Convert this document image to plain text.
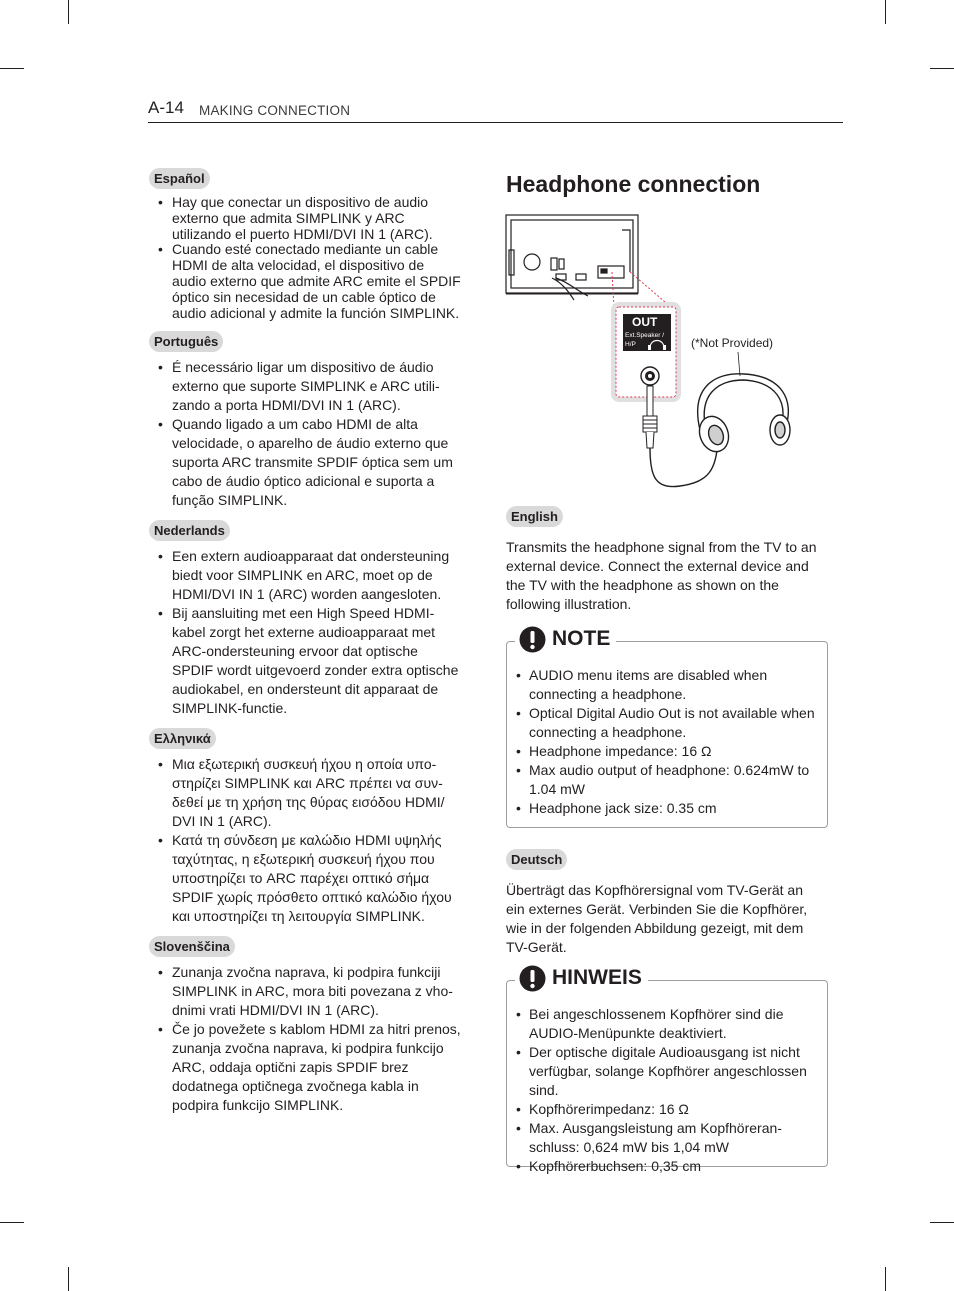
A-14 MAKING CONNECTION
Español
• Hay que conectar un dispositivo de audio externo que admita SIMPLINK y ARC utilizando el puerto HDMI/DVI IN 1 (ARC).
• Cuando esté conectado mediante un cable HDMI de alta velocidad, el dispositivo de audio externo que admite ARC emite el SPDIF óptico sin necesidad de un cable óptico de audio adicional y admite la función SIMPLINK.
Português
• É necessário ligar um dispositivo de áudio externo que suporte SIMPLINK e ARC utili-zando a porta HDMI/DVI IN 1 (ARC).
• Quando ligado a um cabo HDMI de alta velocidade, o aparelho de áudio externo que suporta ARC transmite SPDIF óptica sem um cabo de áudio óptico adicional e suporta a função SIMPLINK.
Nederlands
• Een extern audioapparaat dat ondersteuning biedt voor SIMPLINK en ARC, moet op de HDMI/DVI IN 1 (ARC) worden aangesloten.
• Bij aansluiting met een High Speed HDMI-kabel zorgt het externe audioapparaat met ARC-ondersteuning ervoor dat optische SPDIF wordt uitgevoerd zonder extra optische audiokabel, en ondersteunt dit apparaat de SIMPLINK-functie.
Ελληνικά
• Μια εξωτερική συσκευή ήχου η οποία υπο-στηρίζει SIMPLINK και ARC πρέπει να συν-δεθεί με τη χρήση της θύρας εισόδου HDMI/ DVI IN 1 (ARC).
• Κατά τη σύνδεση με καλώδιο HDMI υψηλής ταχύτητας, η εξωτερική συσκευή ήχου που υποστηρίζει το ARC παρέχει οπτικό σήμα SPDIF χωρίς πρόσθετο οπτικό καλώδιο ήχου και υποστηρίζει τη λειτουργία SIMPLINK.
Slovenščina
• Zunanja zvočna naprava, ki podpira funkciji SIMPLINK in ARC, mora biti povezana z vho-dnimi vrati HDMI/DVI IN 1 (ARC).
• Če jo povežete s kablom HDMI za hitri prenos, zunanja zvočna naprava, ki podpira funkcijo ARC, oddaja optični zapis SPDIF brez dodatnega optičnega zvočnega kabla in podpira funkcijo SIMPLINK.
Headphone connection
OUT
Ext.Speaker /
H/P	(*Not Provided)
English

Transmits the headphone signal from the TV to an external device. Connect the external device and the TV with the headphone as shown on the following illustration.

NOTE
• AUDIO menu items are disabled when connecting a headphone.
• Optical Digital Audio Out is not available when connecting a headphone.
• Headphone impedance: 16 Ω
• Max audio output of headphone: 0.624mW to 1.04 mW
• Headphone jack size: 0.35 cm
Deutsch

Überträgt das Kopfhörersignal vom TV-Gerät an ein externes Gerät. Verbinden Sie die Kopfhörer, wie in der folgenden Abbildung gezeigt, mit dem TV-Gerät.

HINWEIS
• Bei angeschlossenem Kopfhörer sind die AUDIO-Menüpunkte deaktiviert.
• Der optische digitale Audioausgang ist nicht verfügbar, solange Kopfhörer angeschlossen sind.
• Kopfhörerimpedanz: 16 Ω
• Max. Ausgangsleistung am Kopfhöreran-schluss: 0,624 mW bis 1,04 mW
• Kopfhörerbuchsen: 0,35 cm
